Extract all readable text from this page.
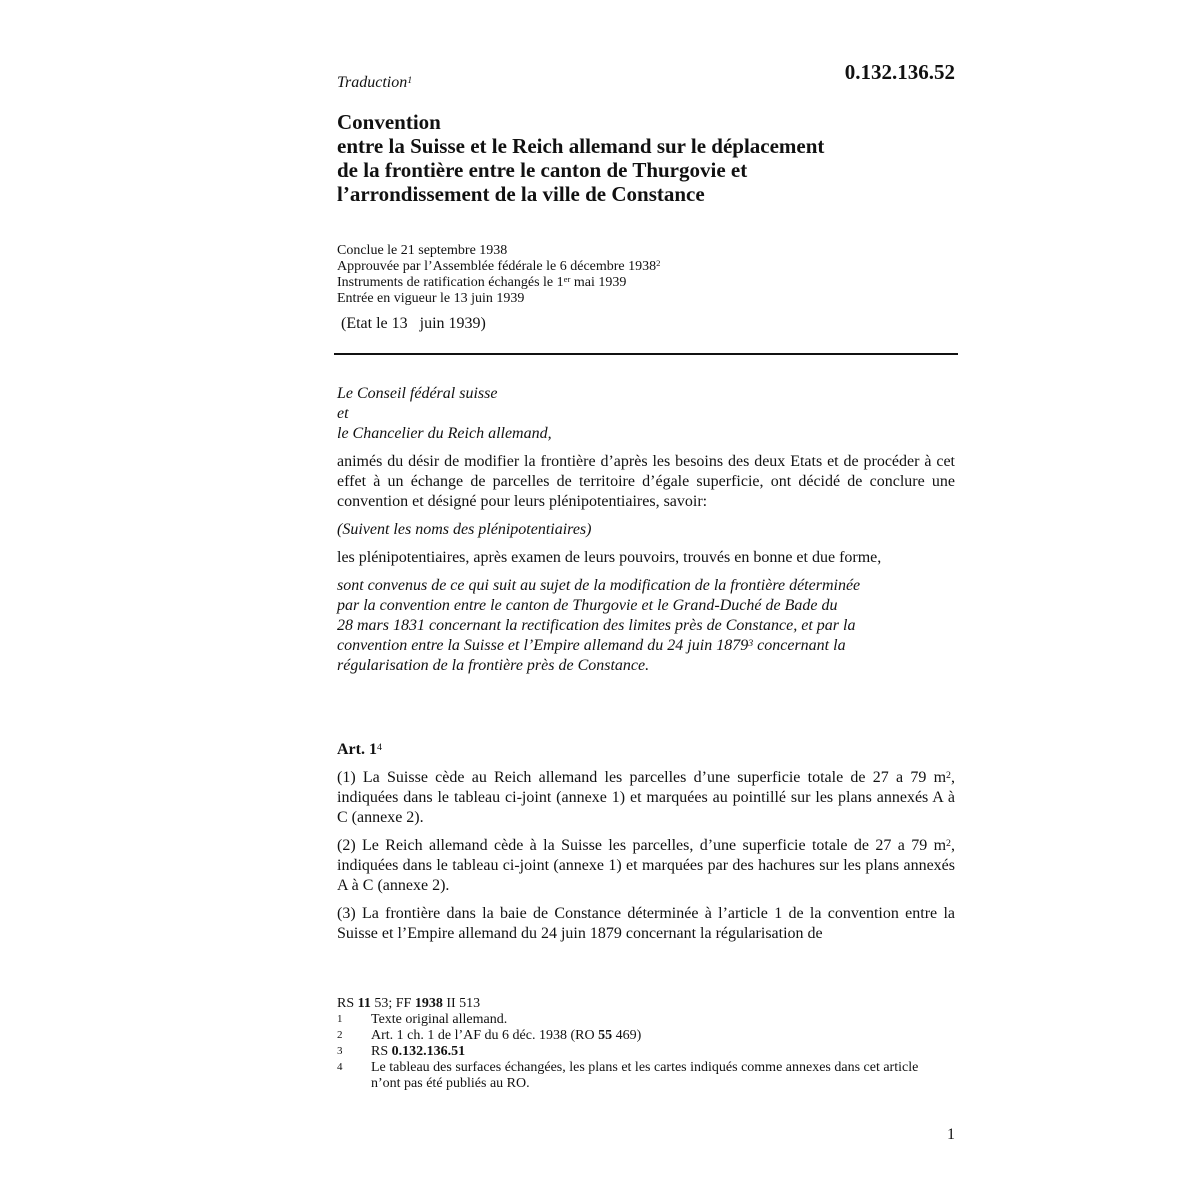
0.132.136.52
Traduction$^1$
Convention
entre la Suisse et le Reich allemand sur le déplacement
de la frontière entre le canton de Thurgovie et
l’arrondissement de la ville de Constance
Conclue le 21 septembre 1938
Approuvée par l’Assemblée fédérale le 6 décembre 1938$^2$
Instruments de ratification échangés le 1er mai 1939
Entrée en vigueur le 13 juin 1939
(Etat le 13   juin 1939)

Le Conseil fédéral suisse

et

le Chancelier du Reich allemand,

animés du désir de modifier la frontière d’après les besoins des deux Etats et de procéder à cet effet à un échange de parcelles de territoire d’égale superficie, ont décidé de conclure une convention et désigné pour leurs plénipotentiaires, savoir:

(Suivent les noms des plénipotentiaires)

les plénipotentiaires, après examen de leurs pouvoirs, trouvés en bonne et due forme,

sont convenus de ce qui suit au sujet de la modification de la frontière déterminée
par la convention entre le canton de Thurgovie et le Grand-Duché de Bade du
28 mars 1831 concernant la rectification des limites près de Constance, et par la
convention entre la Suisse et l’Empire allemand du 24 juin 1879$^3$ concernant la
régularisation de la frontière près de Constance.

Art. $1^4$

(1) La Suisse cède au Reich allemand les parcelles d’une superficie totale de 27 a 79 $m^2$, indiquées dans le tableau ci-joint (annexe 1) et marquées au pointillé sur les plans annexés A à C (annexe 2).

(2) Le Reich allemand cède à la Suisse les parcelles, d’une superficie totale de 27 a 79 $m^2$, indiquées dans le tableau ci-joint (annexe 1) et marquées par des hachures sur les plans annexés A à C (annexe 2).

(3) La frontière dans la baie de Constance déterminée à l’article 1 de la convention entre la Suisse et l’Empire allemand du 24 juin 1879 concernant la régularisation de

RS 11 53; FF 1938 II 513
1	Texte original allemand.
2	Art. 1 ch. 1 de l’AF du 6 déc. 1938 (RO 55 469)
3	RS 0.132.136.51
4	Le tableau des surfaces échangées, les plans et les cartes indiqués comme annexes dans cet article n’ont pas été publiés au RO.
1
